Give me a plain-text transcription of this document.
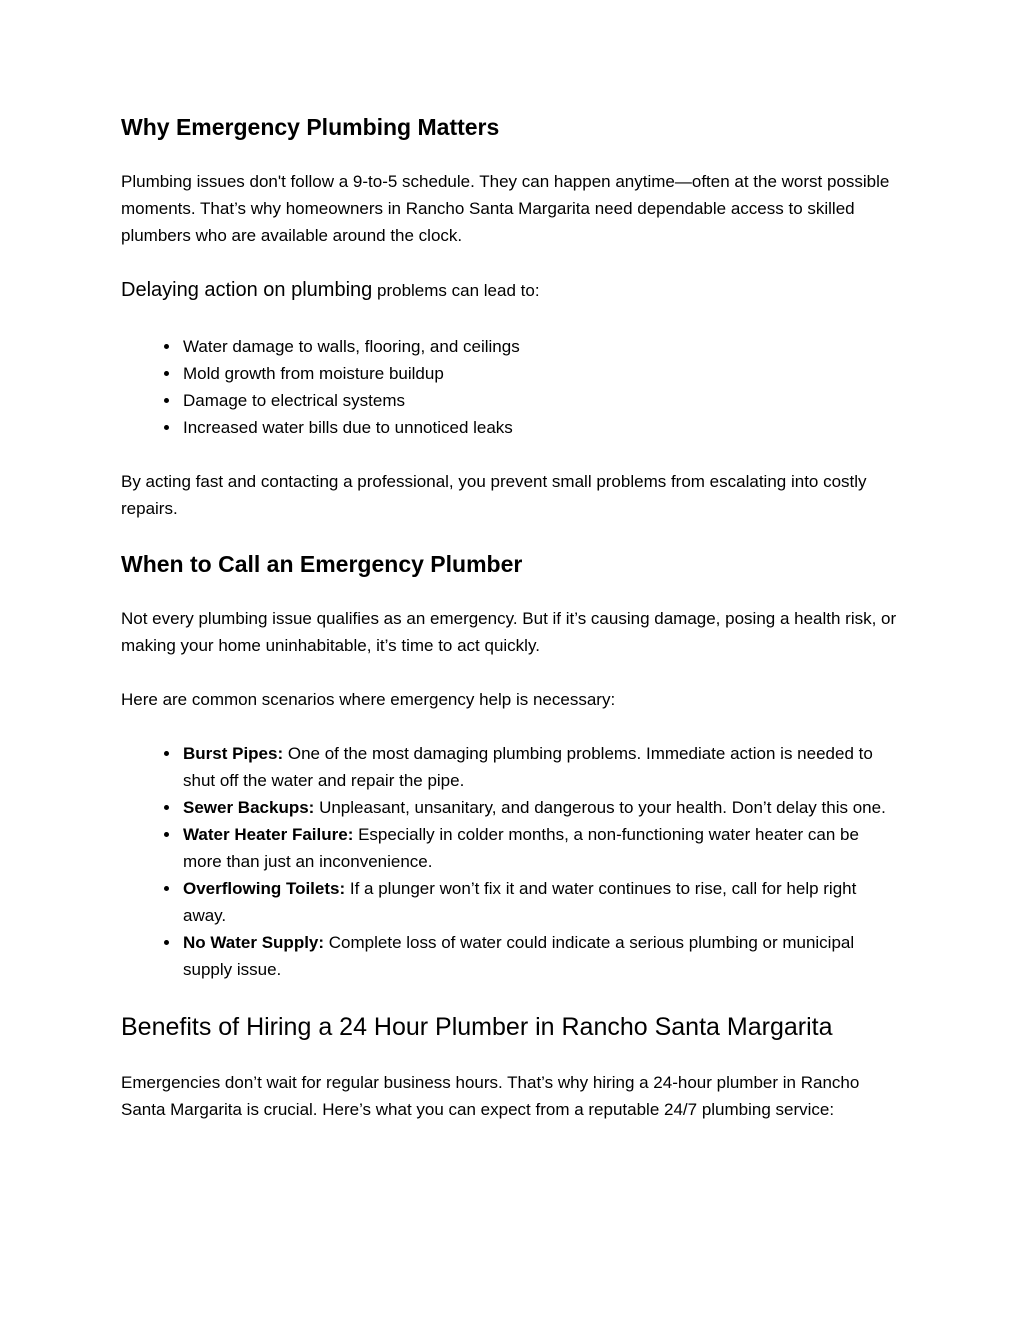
Why Emergency Plumbing Matters

Plumbing issues don't follow a 9-to-5 schedule. They can happen anytime—often at the worst possible moments. That’s why homeowners in Rancho Santa Margarita need dependable access to skilled plumbers who are available around the clock.

Delaying action on plumbing problems can lead to:
• Water damage to walls, flooring, and ceilings
• Mold growth from moisture buildup
• Damage to electrical systems
• Increased water bills due to unnoticed leaks

By acting fast and contacting a professional, you prevent small problems from escalating into costly repairs.

When to Call an Emergency Plumber

Not every plumbing issue qualifies as an emergency. But if it’s causing damage, posing a health risk, or making your home uninhabitable, it’s time to act quickly.

Here are common scenarios where emergency help is necessary:

• Burst Pipes: One of the most damaging plumbing problems. Immediate action is needed to shut off the water and repair the pipe.
• Sewer Backups: Unpleasant, unsanitary, and dangerous to your health. Don’t delay this one.
• Water Heater Failure: Especially in colder months, a non-functioning water heater can be more than just an inconvenience.
• Overflowing Toilets: If a plunger won’t fix it and water continues to rise, call for help right away.
• No Water Supply: Complete loss of water could indicate a serious plumbing or municipal supply issue.
Benefits of Hiring a 24 Hour Plumber in Rancho Santa Margarita

Emergencies don’t wait for regular business hours. That’s why hiring a 24-hour plumber in Rancho Santa Margarita is crucial. Here’s what you can expect from a reputable 24/7 plumbing service:
